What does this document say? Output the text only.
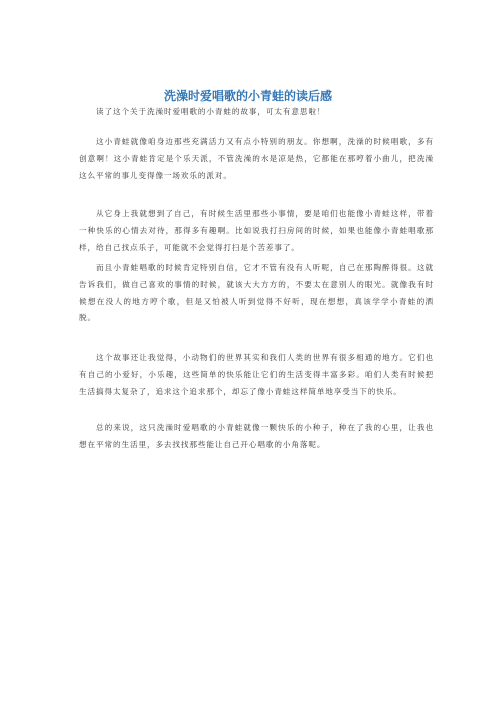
洗澡时爱唱歌的小青蛙的读后感

读了这个关于洗澡时爱唱歌的小青蛙的故事，可太有意思啦！

这小青蛙就像咱身边那些充满活力又有点小特别的朋友。你想啊，洗澡的时候唱歌，多有创意啊！这小青蛙肯定是个乐天派，不管洗澡的水是凉是热，它都能在那哼着小曲儿，把洗澡这么平常的事儿变得像一场欢乐的派对。

从它身上我就想到了自己，有时候生活里那些小事情，要是咱们也能像小青蛙这样，带着一种快乐的心情去对待，那得多有趣啊。比如说我打扫房间的时候，如果也能像小青蛙唱歌那样，给自己找点乐子，可能就不会觉得打扫是个苦差事了。

而且小青蛙唱歌的时候肯定特别自信，它才不管有没有人听呢，自己在那陶醉得很。这就告诉我们，做自己喜欢的事情的时候，就该大大方方的，不要太在意别人的眼光。就像我有时候想在没人的地方哼个歌，但是又怕被人听到觉得不好听，现在想想，真该学学小青蛙的洒脱。

这个故事还让我觉得，小动物们的世界其实和我们人类的世界有很多相通的地方。它们也有自己的小爱好，小乐趣，这些简单的快乐能让它们的生活变得丰富多彩。咱们人类有时候把生活搞得太复杂了，追求这个追求那个，却忘了像小青蛙这样简单地享受当下的快乐。

总的来说，这只洗澡时爱唱歌的小青蛙就像一颗快乐的小种子，种在了我的心里，让我也想在平常的生活里，多去找找那些能让自己开心唱歌的小角落呢。
